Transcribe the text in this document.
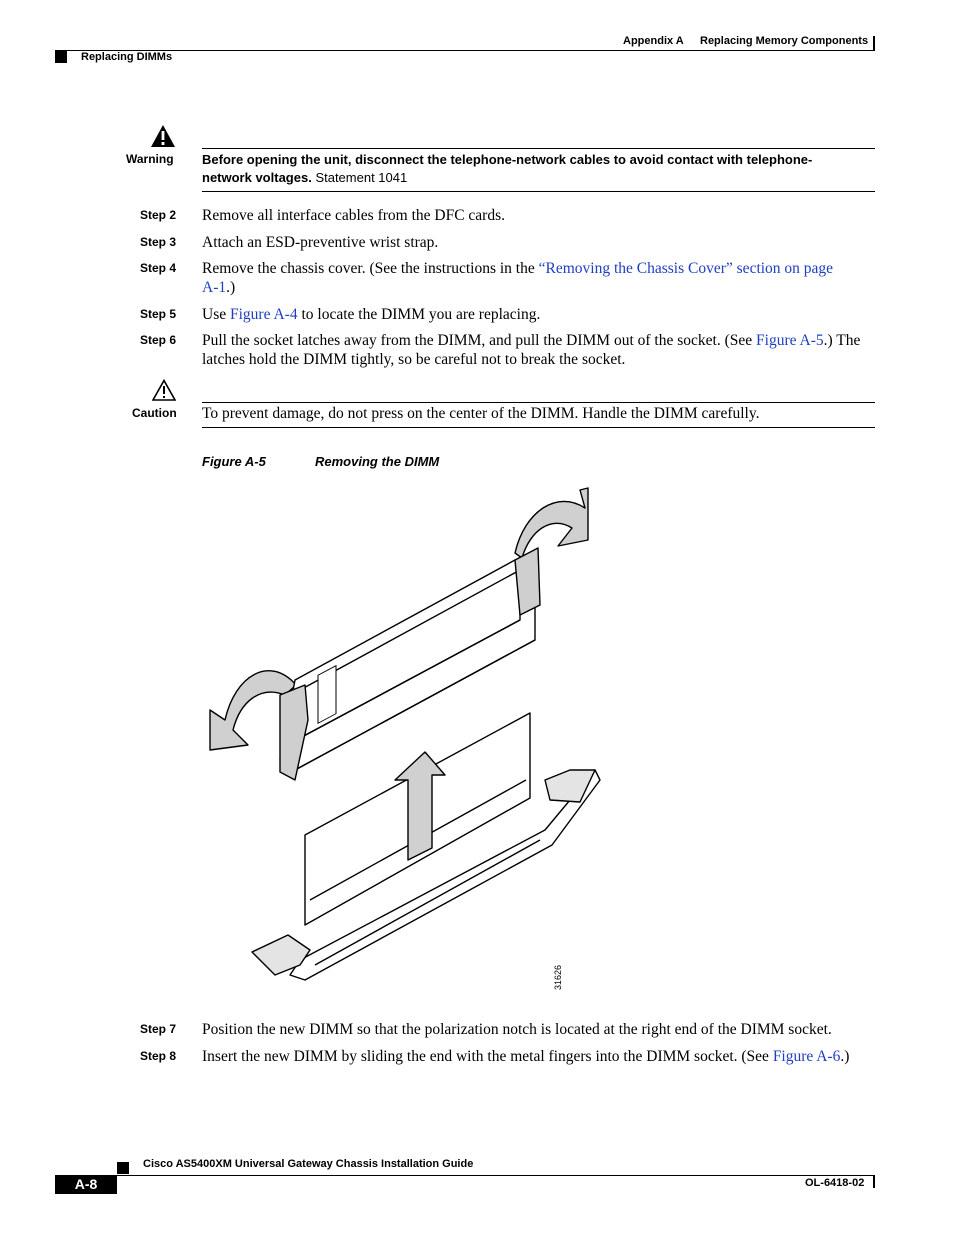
Appendix A Replacing Memory Components
Replacing DIMMs
Warning Before opening the unit, disconnect the telephone-network cables to avoid contact with telephone-network voltages. Statement 1041
Step 2 Remove all interface cables from the DFC cards.
Step 3 Attach an ESD-preventive wrist strap.
Step 4 Remove the chassis cover. (See the instructions in the “Removing the Chassis Cover” section on page A-1.)
Step 5 Use Figure A-4 to locate the DIMM you are replacing.
Step 6 Pull the socket latches away from the DIMM, and pull the DIMM out of the socket. (See Figure A-5.) The latches hold the DIMM tightly, so be careful not to break the socket.
Caution To prevent damage, do not press on the center of the DIMM. Handle the DIMM carefully.
Figure A-5	Removing the DIMM
31626
Step 7 Position the new DIMM so that the polarization notch is located at the right end of the DIMM socket.
Step 8 Insert the new DIMM by sliding the end with the metal fingers into the DIMM socket. (See Figure A-6.)
Cisco AS5400XM Universal Gateway Chassis Installation Guide
A-8	OL-6418-02
